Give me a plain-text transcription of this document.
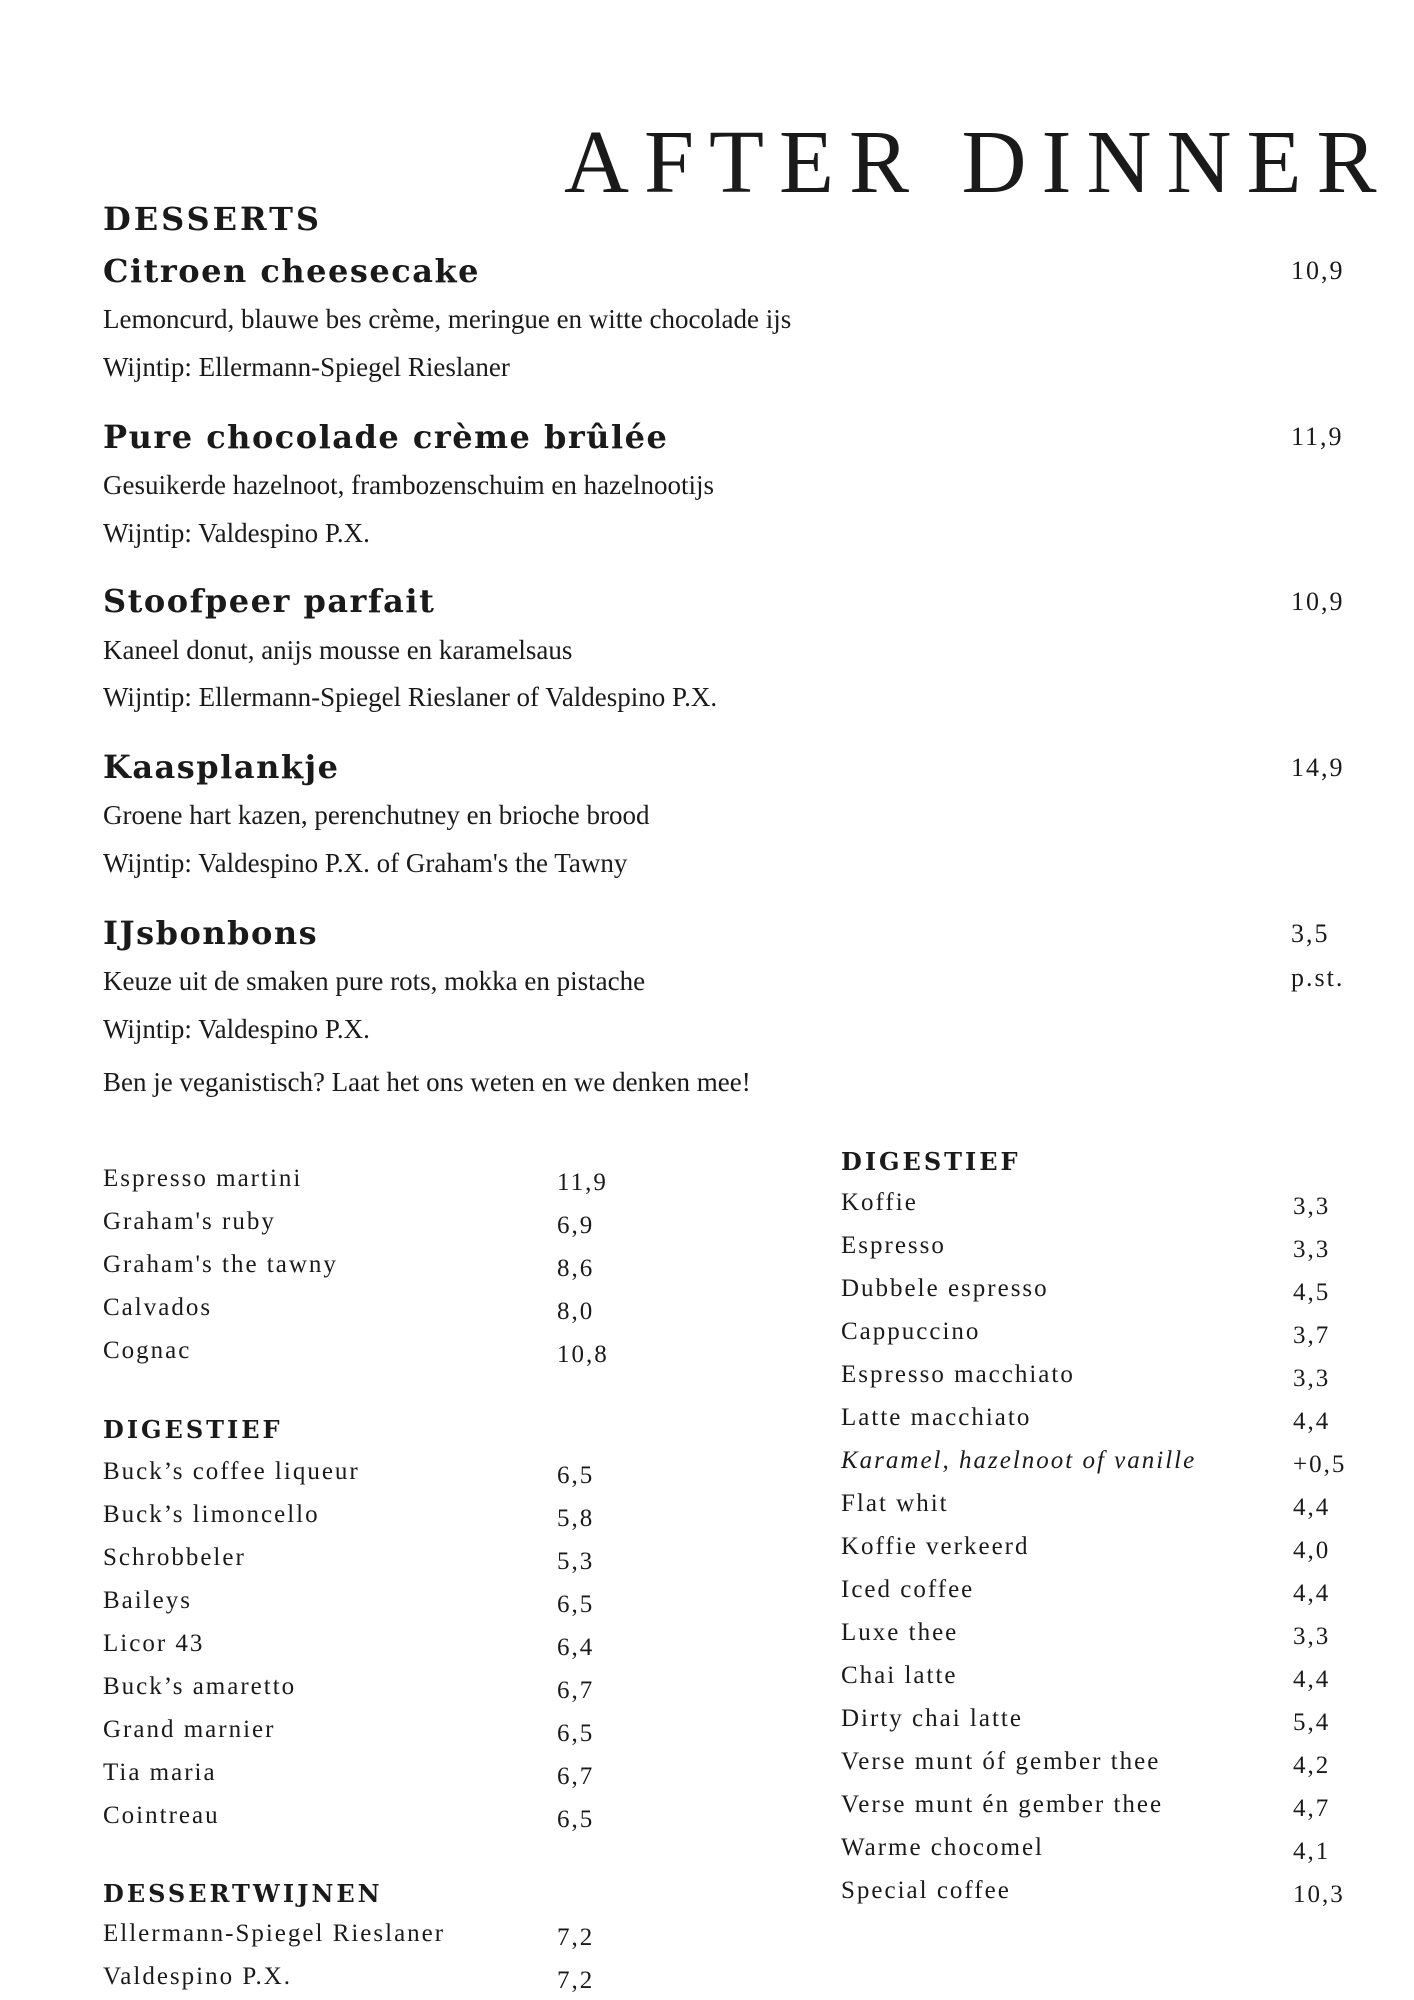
AFTER DINNER
DESSERTS
Citroen cheesecake	10,9
Lemoncurd, blauwe bes crème, meringue en witte chocolade ijs
Wijntip: Ellermann-Spiegel Rieslaner
Pure chocolade crème brûlée	11,9
Gesuikerde hazelnoot, frambozenschuim en hazelnootijs
Wijntip: Valdespino P.X.
Stoofpeer parfait	10,9
Kaneel donut, anijs mousse en karamelsaus
Wijntip: Ellermann-Spiegel Rieslaner of Valdespino P.X.
Kaasplankje	14,9
Groene hart kazen, perenchutney en brioche brood
Wijntip: Valdespino P.X. of Graham's the Tawny
IJsbonbons	3,5
p.st.
Keuze uit de smaken pure rots, mokka en pistache
Wijntip: Valdespino P.X.
Ben je veganistisch? Laat het ons weten en we denken mee!
Espresso martini	11,9
Graham's ruby	6,9
Graham's the tawny	8,6
Calvados	8,0
Cognac	10,8
DIGESTIEF
Buck’s coffee liqueur	6,5
Buck’s limoncello	5,8
Schrobbeler	5,3
Baileys	6,5
Licor 43	6,4
Buck’s amaretto	6,7
Grand marnier	6,5
Tia maria	6,7
Cointreau	6,5
DESSERTWIJNEN
Ellermann-Spiegel Rieslaner	7,2
Valdespino P.X.	7,2
DIGESTIEF
Koffie	3,3
Espresso	3,3
Dubbele espresso	4,5
Cappuccino	3,7
Espresso macchiato	3,3
Latte macchiato	4,4
Karamel, hazelnoot of vanille	+0,5
Flat whit	4,4
Koffie verkeerd	4,0
Iced coffee	4,4
Luxe thee	3,3
Chai latte	4,4
Dirty chai latte	5,4
Verse munt óf gember thee	4,2
Verse munt én gember thee	4,7
Warme chocomel	4,1
Special coffee	10,3
